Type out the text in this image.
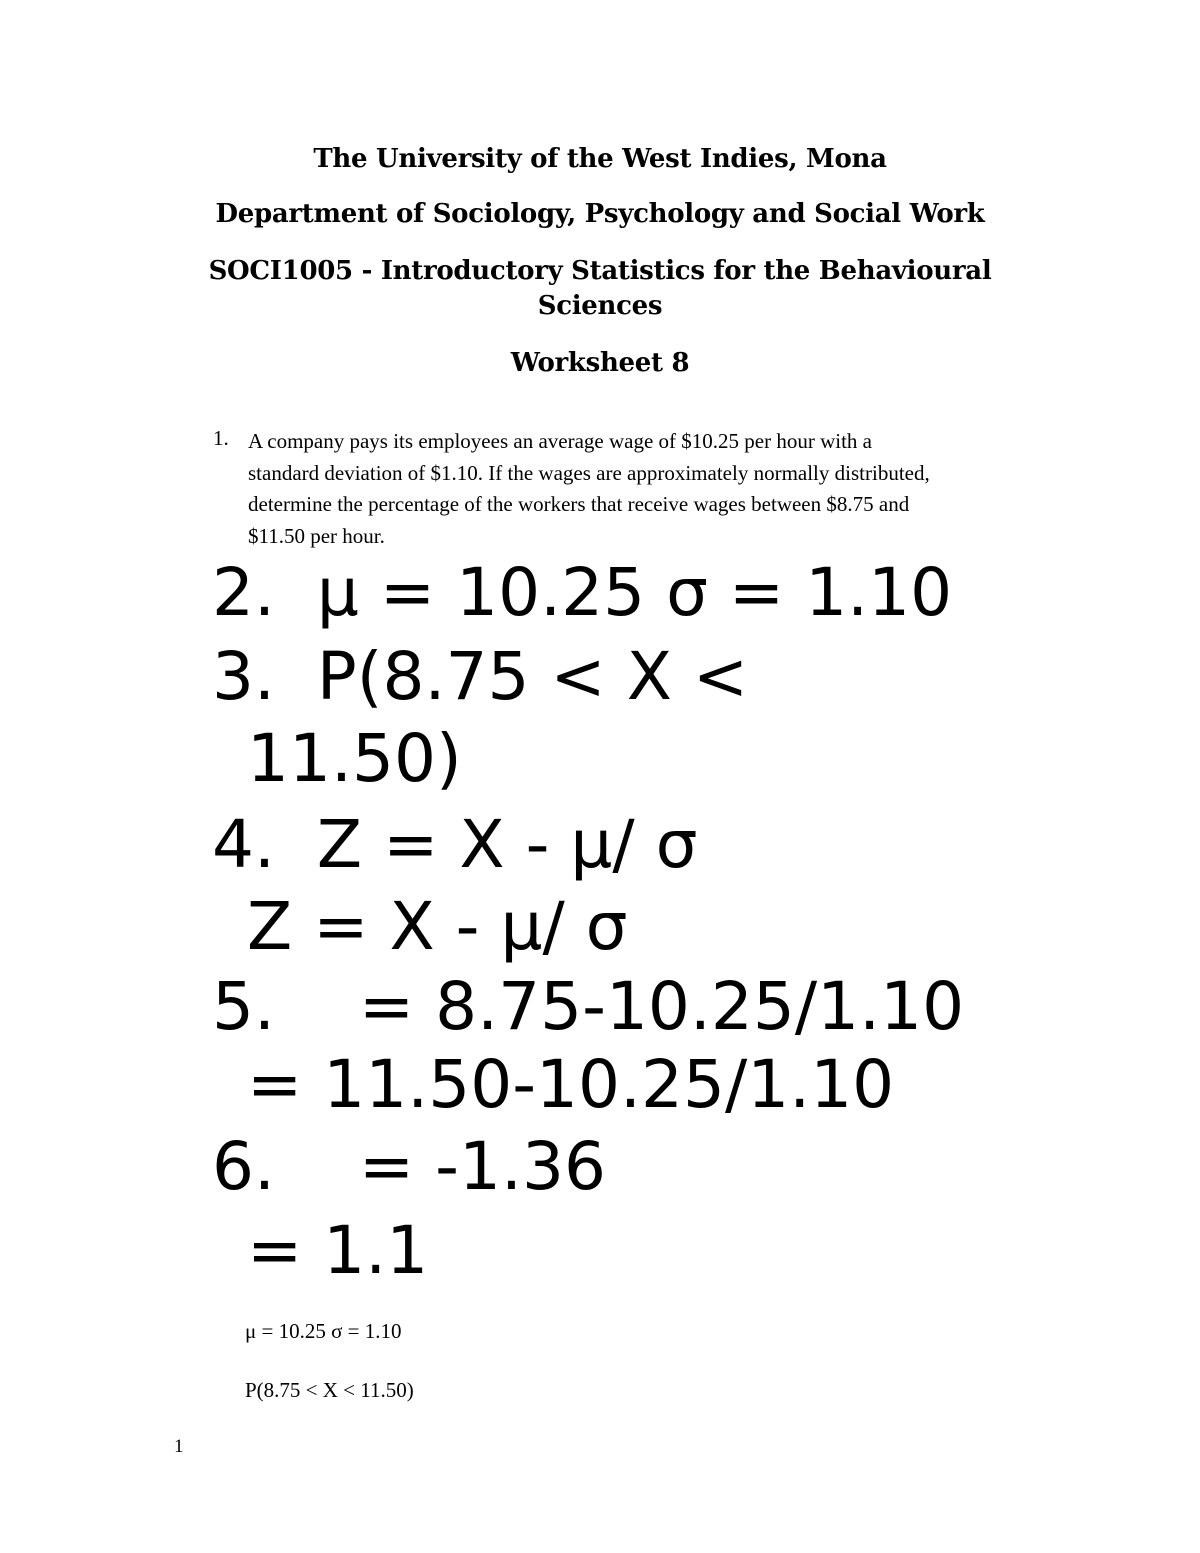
The University of the West Indies, Mona
Department of Sociology, Psychology and Social Work
SOCI1005 - Introductory Statistics for the Behavioural
Sciences
Worksheet 8
1. A company pays its employees an average wage of $10.25 per hour with a
standard deviation of $1.10. If the wages are approximately normally distributed,
determine the percentage of the workers that receive wages between $8.75 and
$11.50 per hour.
2.  μ = 10.25 σ = 1.10
3.  P(8.75 < X <
11.50)
4.  Z = X - μ/ σ
Z = X - μ/ σ
5.    = 8.75-10.25/1.10
= 11.50-10.25/1.10
6.    = -1.36
= 1.1
μ = 10.25 σ = 1.10
P(8.75 < X < 11.50)
1
